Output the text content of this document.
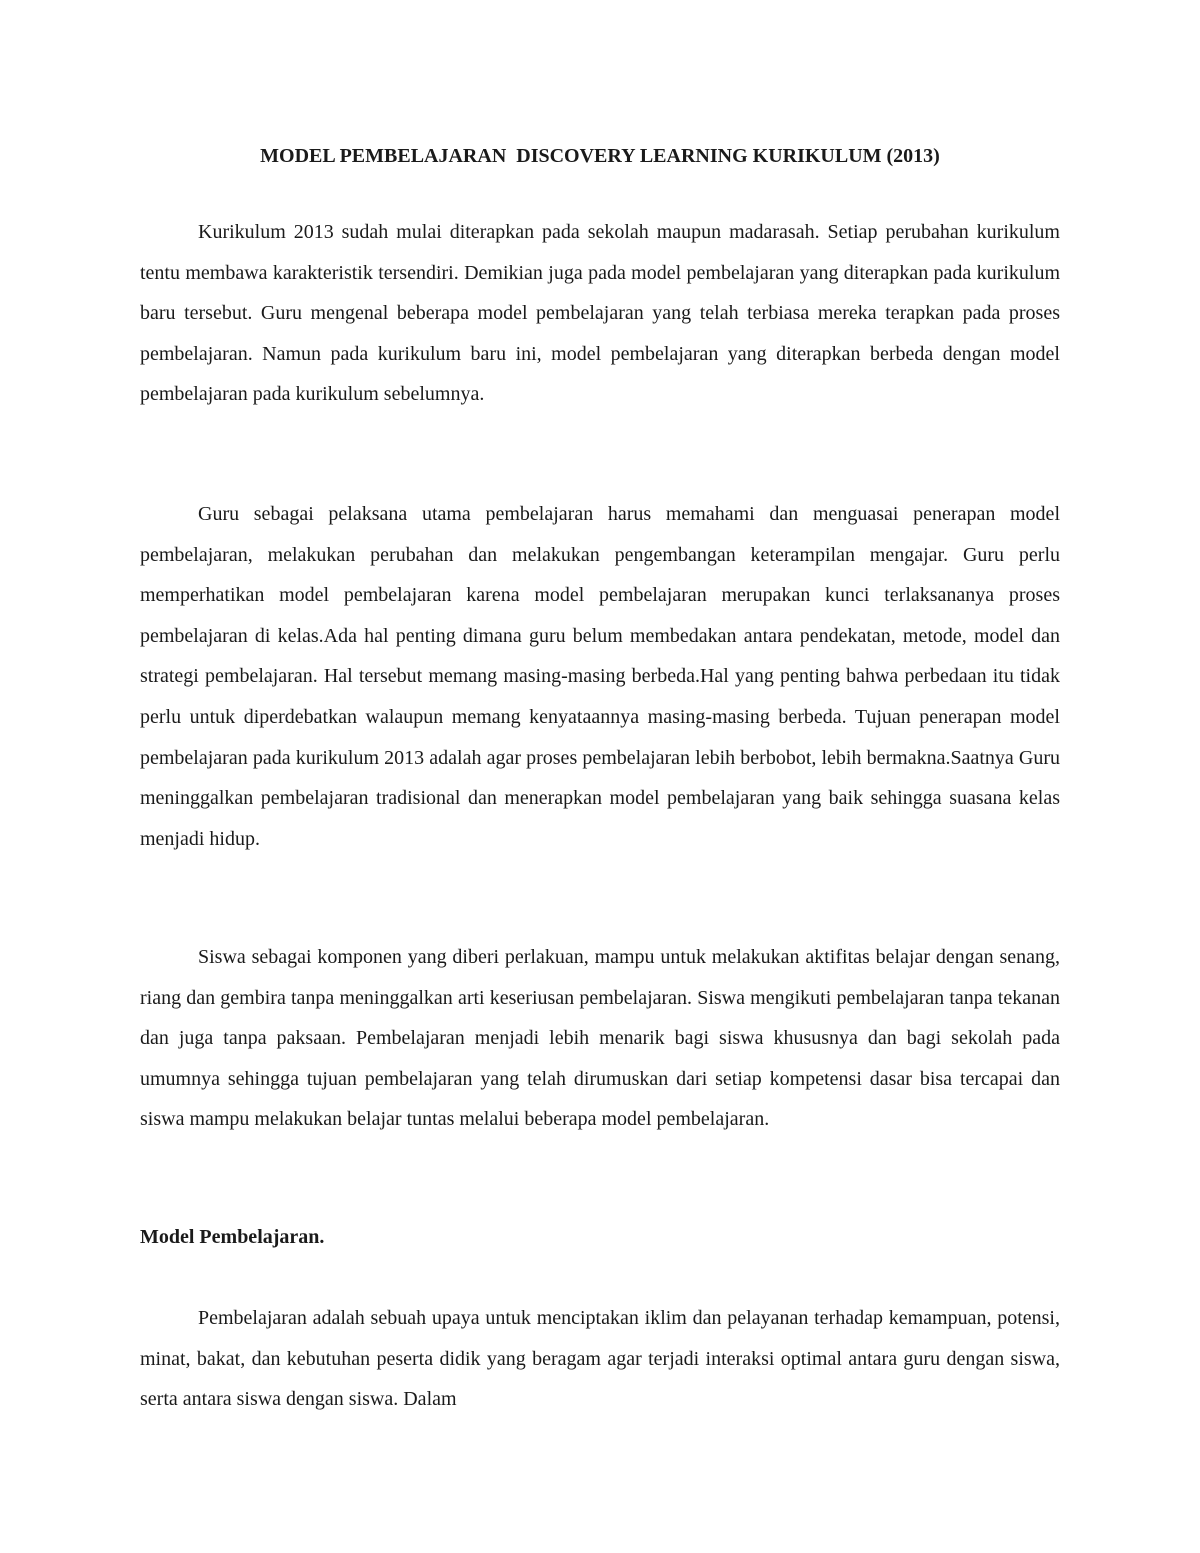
MODEL PEMBELAJARAN  DISCOVERY LEARNING KURIKULUM (2013)

Kurikulum 2013 sudah mulai diterapkan pada sekolah maupun madarasah. Setiap perubahan kurikulum tentu membawa karakteristik tersendiri. Demikian juga pada model pembelajaran yang diterapkan pada kurikulum baru tersebut. Guru mengenal beberapa model pembelajaran yang telah terbiasa mereka terapkan pada proses pembelajaran. Namun pada kurikulum baru ini, model pembelajaran yang diterapkan berbeda dengan model pembelajaran pada kurikulum sebelumnya.

Guru sebagai pelaksana utama pembelajaran harus memahami dan menguasai penerapan model pembelajaran, melakukan perubahan dan melakukan pengembangan keterampilan mengajar. Guru perlu memperhatikan model pembelajaran karena model pembelajaran merupakan kunci terlaksananya proses pembelajaran di kelas.Ada hal penting dimana guru belum membedakan antara pendekatan, metode, model dan strategi pembelajaran. Hal tersebut memang masing-masing berbeda.Hal yang penting bahwa perbedaan itu tidak perlu untuk diperdebatkan walaupun memang kenyataannya masing-masing berbeda. Tujuan penerapan model pembelajaran pada kurikulum 2013 adalah agar proses pembelajaran lebih berbobot, lebih bermakna.Saatnya Guru meninggalkan pembelajaran tradisional dan menerapkan model pembelajaran yang baik sehingga suasana kelas menjadi hidup.

Siswa sebagai komponen yang diberi perlakuan, mampu untuk melakukan aktifitas belajar dengan senang, riang dan gembira tanpa meninggalkan arti keseriusan pembelajaran. Siswa mengikuti pembelajaran tanpa tekanan dan juga tanpa paksaan. Pembelajaran menjadi lebih menarik bagi siswa khususnya dan bagi sekolah pada umumnya sehingga tujuan pembelajaran yang telah dirumuskan dari setiap kompetensi dasar bisa tercapai dan siswa mampu melakukan belajar tuntas melalui beberapa model pembelajaran.

Model Pembelajaran.

Pembelajaran adalah sebuah upaya untuk menciptakan iklim dan pelayanan terhadap kemampuan, potensi, minat, bakat, dan kebutuhan peserta didik yang beragam agar terjadi interaksi optimal antara guru dengan siswa, serta antara siswa dengan siswa. Dalam
